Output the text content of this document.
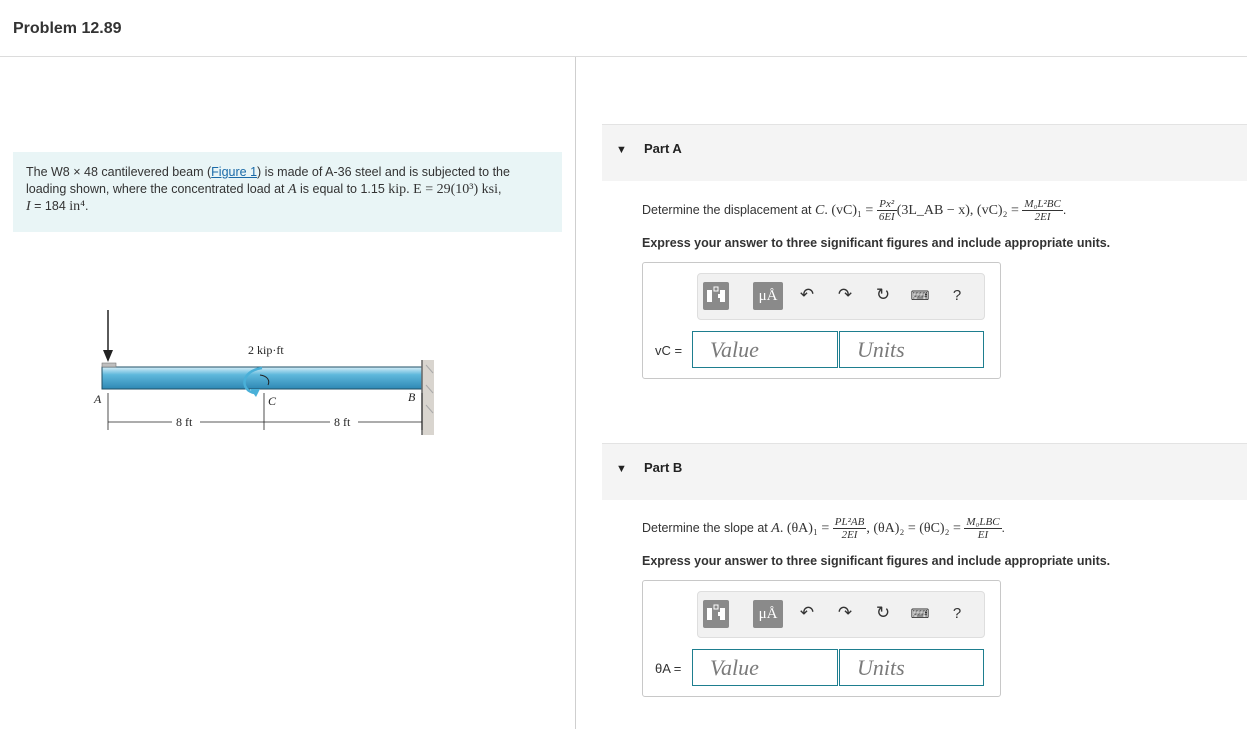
Problem 12.89
The W8 × 48 cantilevered beam (Figure 1) is made of A-36 steel and is subjected to the
loading shown, where the concentrated load at A is equal to 1.15 kip. E = 29(10³) ksi,
I = 184 in⁴.
2 kip·ft
A	C	B
8 ft	8 ft
▼ Part A
Determine the displacement at C. $(vC)_1 = \frac{\text{Px²}}{6EI}$ (3L_AB − x), $(vC)_2 = \frac{\text{M₀L²BC}}{2EI}$ .
Express your answer to three significant figures and include appropriate units.
μÅ	↶ ↷ ↻ ⌨	?
vC =	Value	Units
▼ Part B
Determine the slope at A. $(\theta A)_1 = \frac{\text{PL²AB}}{2EI}$ , $(\theta A)_2 = (\theta C)_2 = \frac{\text{M₀LBC}}{EI}$ .
Express your answer to three significant figures and include appropriate units.
μÅ	↶ ↷ ↻ ⌨	?
θA =	Value	Units
